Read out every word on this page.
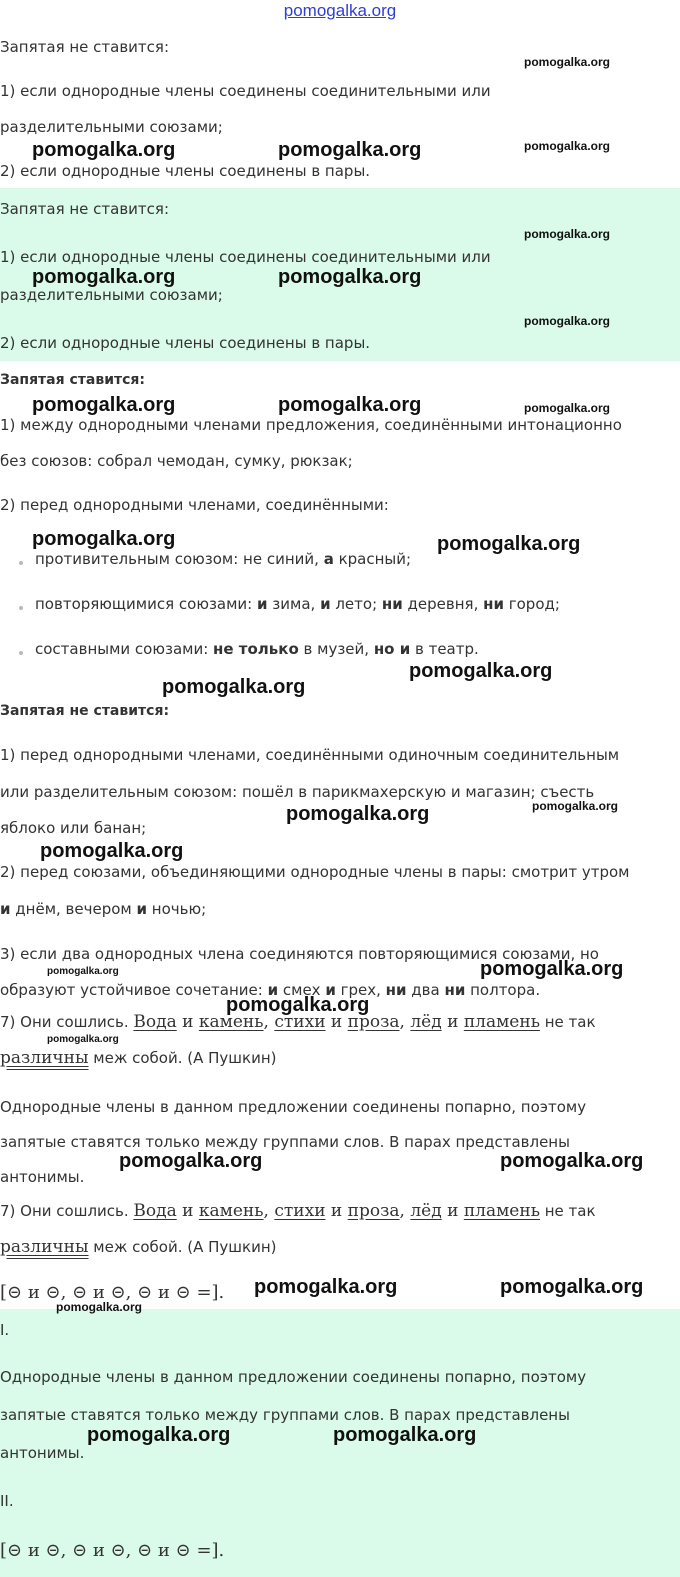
pomogalka.org
Запятая не ставится:
1) если однородные члены соединены соединительными или
разделительными союзами;
2) если однородные члены соединены в пары.
Запятая не ставится:
1) если однородные члены соединены соединительными или
разделительными союзами;
2) если однородные члены соединены в пары.
Запятая ставится:
1) между однородными членами предложения, соединёнными интонационно
без союзов: собрал чемодан, сумку, рюкзак;
2) перед однородными членами, соединёнными:
противительным союзом: не синий, а красный;
повторяющимися союзами: и зима, и лето; ни деревня, ни город;
составными союзами: не только в музей, но и в театр.
Запятая не ставится:
1) перед однородными членами, соединёнными одиночным соединительным
или разделительным союзом: пошёл в парикмахерскую и магазин; съесть
яблоко или банан;
2) перед союзами, объединяющими однородные члены в пары: смотрит утром
и днём, вечером и ночью;
3) если два однородных члена соединяются повторяющимися союзами, но
образуют устойчивое сочетание: и смех и грех, ни два ни полтора.
7) Они сошлись. Вода и камень, стихи и проза, лёд и пламень не так
различны меж собой. (А Пушкин)
Однородные члены в данном предложении соединены попарно, поэтому
запятые ставятся только между группами слов. В парах представлены
антонимы.
7) Они сошлись. Вода и камень, стихи и проза, лёд и пламень не так
различны меж собой. (А Пушкин)
[⊝ и ⊝, ⊝ и ⊝, ⊝ и ⊝ =].
I.
Однородные члены в данном предложении соединены попарно, поэтому
запятые ставятся только между группами слов. В парах представлены
антонимы.
II.
[⊝ и ⊝, ⊝ и ⊝, ⊝ и ⊝ =].
pomogalka.org	pomogalka.org
pomogalka.org	pomogalka.org
pomogalka.org	pomogalka.org
pomogalka.org	pomogalka.org
pomogalka.org
pomogalka.org
pomogalka.org
pomogalka.org
pomogalka.org
pomogalka.org
pomogalka.org	pomogalka.org
pomogalka.org	pomogalka.org
pomogalka.org	pomogalka.org
pomogalka.org
pomogalka.org
pomogalka.org
pomogalka.org
pomogalka.org
pomogalka.org
pomogalka.org
pomogalka.org
pomogalka.org
